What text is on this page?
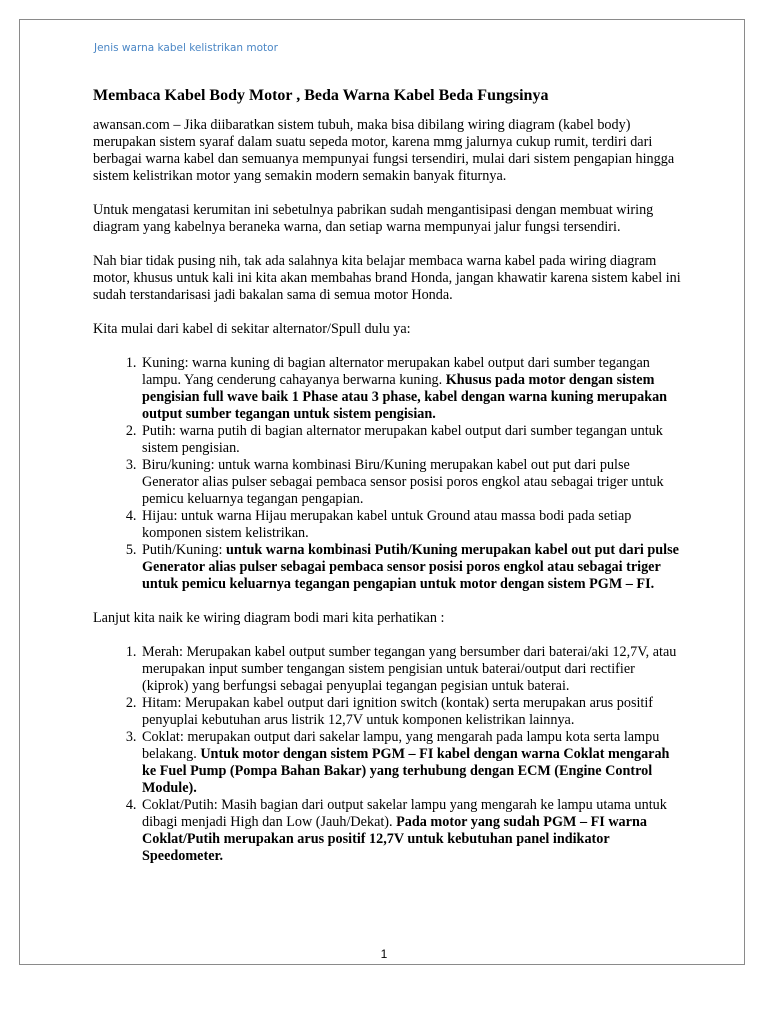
Jenis warna kabel kelistrikan motor

Membaca Kabel Body Motor , Beda Warna Kabel Beda Fungsinya

awansan.com – Jika diibaratkan sistem tubuh, maka bisa dibilang wiring diagram (kabel body) merupakan sistem syaraf dalam suatu sepeda motor, karena mmg jalurnya cukup rumit, terdiri dari berbagai warna kabel dan semuanya mempunyai fungsi tersendiri, mulai dari sistem pengapian hingga sistem kelistrikan motor yang semakin modern semakin banyak fiturnya.

Untuk mengatasi kerumitan ini sebetulnya pabrikan sudah mengantisipasi dengan membuat wiring diagram yang kabelnya beraneka warna, dan setiap warna mempunyai jalur fungsi tersendiri.

Nah biar tidak pusing nih, tak ada salahnya kita belajar membaca warna kabel pada wiring diagram motor, khusus untuk kali ini kita akan membahas brand Honda, jangan khawatir karena sistem kabel ini sudah terstandarisasi jadi bakalan sama di semua motor Honda.

Kita mulai dari kabel di sekitar alternator/Spull dulu ya:

1. Kuning: warna kuning di bagian alternator merupakan kabel output dari sumber tegangan lampu. Yang cenderung cahayanya berwarna kuning. Khusus pada motor dengan sistem pengisian full wave baik 1 Phase atau 3 phase, kabel dengan warna kuning merupakan output sumber tegangan untuk sistem pengisian.
2. Putih: warna putih di bagian alternator merupakan kabel output dari sumber tegangan untuk sistem pengisian.
3. Biru/kuning: untuk warna kombinasi Biru/Kuning merupakan kabel out put dari pulse Generator alias pulser sebagai pembaca sensor posisi poros engkol atau sebagai triger untuk pemicu keluarnya tegangan pengapian.
4. Hijau: untuk warna Hijau merupakan kabel untuk Ground atau massa bodi pada setiap komponen sistem kelistrikan.
5. Putih/Kuning: untuk warna kombinasi Putih/Kuning merupakan kabel out put dari pulse Generator alias pulser sebagai pembaca sensor posisi poros engkol atau sebagai triger untuk pemicu keluarnya tegangan pengapian untuk motor dengan sistem PGM – FI.

Lanjut kita naik ke wiring diagram bodi mari kita perhatikan :

1. Merah: Merupakan kabel output sumber tegangan yang bersumber dari baterai/aki 12,7V, atau merupakan input sumber tengangan sistem pengisian untuk baterai/output dari rectifier (kiprok) yang berfungsi sebagai penyuplai tegangan pegisian untuk baterai.
2. Hitam: Merupakan kabel output dari ignition switch (kontak) serta merupakan arus positif penyuplai kebutuhan arus listrik 12,7V untuk komponen kelistrikan lainnya.
3. Coklat: merupakan output dari sakelar lampu, yang mengarah pada lampu kota serta lampu belakang. Untuk motor dengan sistem PGM – FI kabel dengan warna Coklat mengarah ke Fuel Pump (Pompa Bahan Bakar) yang terhubung dengan ECM (Engine Control Module).
4. Coklat/Putih: Masih bagian dari output sakelar lampu yang mengarah ke lampu utama untuk dibagi menjadi High dan Low (Jauh/Dekat). Pada motor yang sudah PGM – FI warna Coklat/Putih merupakan arus positif 12,7V untuk kebutuhan panel indikator Speedometer.
1
